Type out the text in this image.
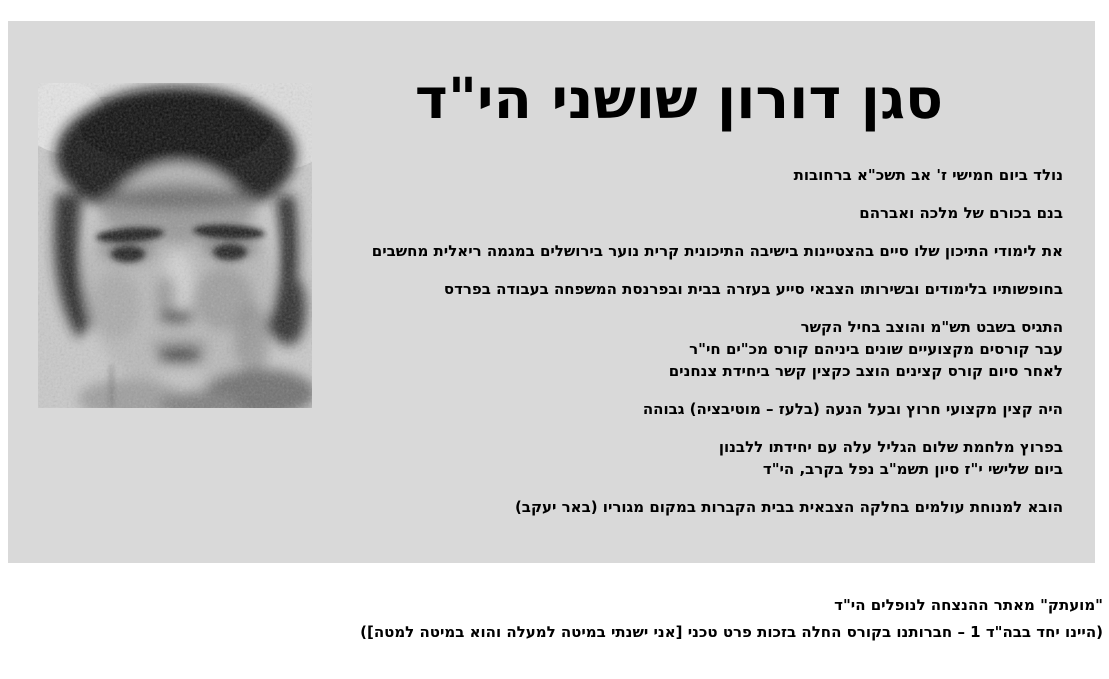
סגן דורון שושני הי"ד

נולד ביום חמישי ז' אב תשכ"א ברחובות

בנם בכורם של מלכה ואברהם

את לימודי התיכון שלו סיים בהצטיינות בישיבה התיכונית קרית נוער בירושלים במגמה ריאלית מחשבים

בחופשותיו בלימודים ובשירותו הצבאי סייע בעזרה בבית ובפרנסת המשפחה בעבודה בפרדס

התגיס בשבט תש"מ והוצב בחיל הקשר
עבר קורסים מקצועיים שונים ביניהם קורס מכ"ים חי"ר
לאחר סיום קורס קצינים הוצב כקצין קשר ביחידת צנחנים

היה קצין מקצועי חרוץ ובעל הנעה (בלעז – מוטיבציה) גבוהה

בפרוץ מלחמת שלום הגליל עלה עם יחידתו ללבנון
ביום שלישי י"ז סיון תשמ"ב נפל בקרב, הי"ד

הובא למנוחת עולמים בחלקה הצבאית בבית הקברות במקום מגוריו (באר יעקב)

"מועתק" מאתר ההנצחה לנופלים הי"ד
(היינו יחד בבה"ד 1 – חברותנו בקורס החלה בזכות פרט טכני [אני ישנתי במיטה למעלה והוא במיטה למטה])
